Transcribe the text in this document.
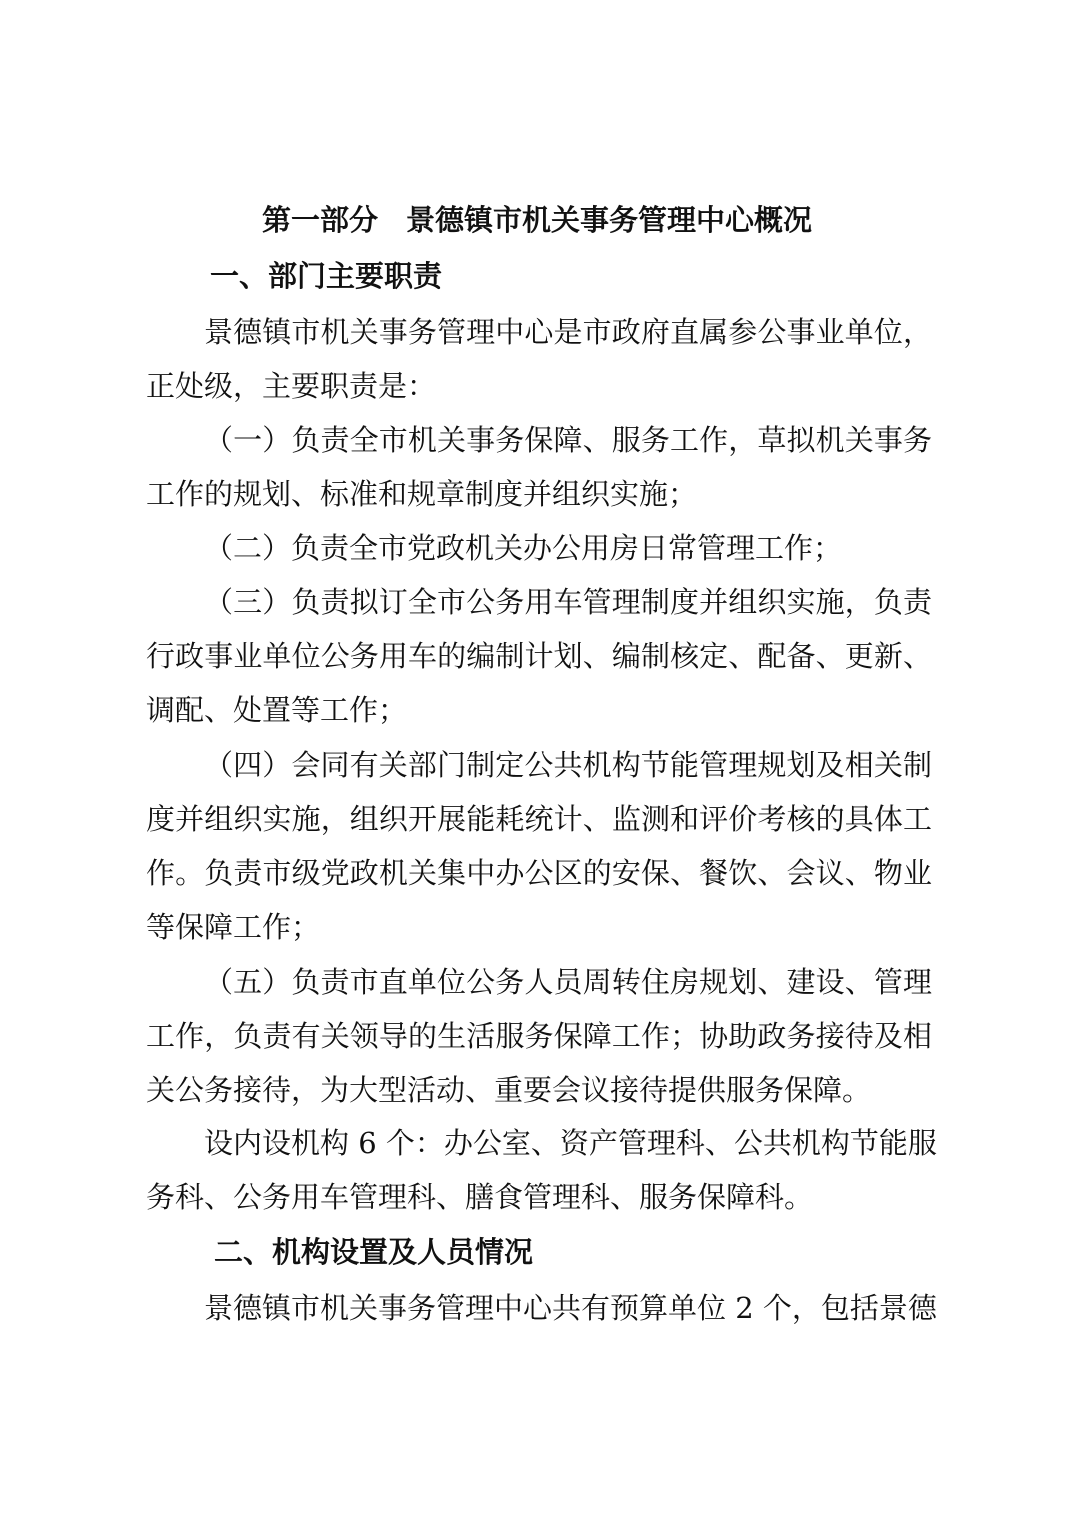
第一部分 景德镇市机关事务管理中心概况
一、部门主要职责
景德镇市机关事务管理中心是市政府直属参公事业单位，
正处级，主要职责是：
（一）负责全市机关事务保障、服务工作，草拟机关事务
工作的规划、标准和规章制度并组织实施；
（二）负责全市党政机关办公用房日常管理工作；
（三）负责拟订全市公务用车管理制度并组织实施，负责
行政事业单位公务用车的编制计划、编制核定、配备、更新、
调配、处置等工作；
（四）会同有关部门制定公共机构节能管理规划及相关制
度并组织实施，组织开展能耗统计、监测和评价考核的具体工
作。负责市级党政机关集中办公区的安保、餐饮、会议、物业
等保障工作；
（五）负责市直单位公务人员周转住房规划、建设、管理
工作，负责有关领导的生活服务保障工作；协助政务接待及相
关公务接待，为大型活动、重要会议接待提供服务保障。
设内设机构 6 个：办公室、资产管理科、公共机构节能服
务科、公务用车管理科、膳食管理科、服务保障科。
二、机构设置及人员情况
景德镇市机关事务管理中心共有预算单位 2 个，包括景德
